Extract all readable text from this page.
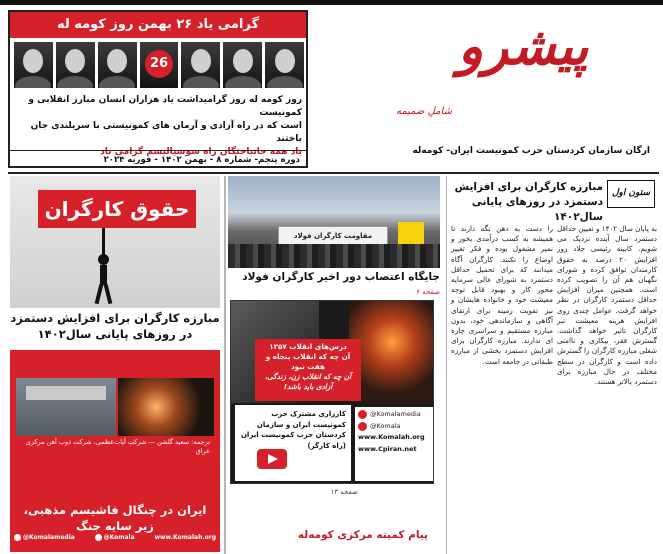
گرامی یاد ۲۶ بهمن روز کومه له
26
روز کومه له روز گرامیداشت یاد هزاران انسان مبارز انقلابی و کمونیست
است که در راه آزادی و آرمان های کمونیستی با سربلندی جان باختند
یاد همه جانباختگان راه سوسیالیسم گرامی باد
دوره پنجم- شماره ۸ - بهمن ۱۴۰۲ - فوریه ۲۰۲۴
پیشرو
شاملِ ضمیمه
ارگان سازمان کردستان حزب کمونیست ایران- کومه‌له
ستون اول
مبارزه کارگران برای افزایش دستمزد در روزهای پایانی سال۱۴۰۲
به پایان سال ۱۴۰۲ و تعیین حداقل دستمزد سال آینده نزدیک می شویم. کابینه رئیسی جلاد روز افزایش ۲۰ درصد به حقوق کارمندان توافق کرده و شورای نگهبان هم آن را تصویب کرده است. همچنین میزان افزایش حداقل دستمزد کارگران در نظر خواهد گرفت. عوامل چندی روی افزایش هزینه معیشت تبر کارگران تاثیر خواهد گذاشت. گسترش فقر، بیکاری و ناامنی شغلی مبارزه کارگران را گسترش داده است و کارگران در سطح مختلف در حال مبارزه برای دستمزد بالاتر هستند.
را دست به دهن نگه دارند تا همیشه به کسب درآمدی بخور و نمیر مشغول بوده و فکر تغییر اوضاع را نکنند. کارگران آگاه میدانند که برای تحمیل حداقل دستمزد به شورای عالی سرمایه محور کار و بهبود قابل توجه معیشت خود و خانواده هایشان و نیز تقویت زمینه برای ارتقای آگاهی و سازماندهی خود، بدون مبارزه مستقیم و سراسری چاره ای ندارند. مبارزه کارگران برای افزایش دستمزد بخشی از مبارزه طبقاتی در جامعه است.
مقاومت کارگران فولاد
جایگاه اعتصاب دور اخیر کارگران فولاد صفحه ۶
درس‌های انقلاب ۱۳۵۷
آن چه که انقلاب پنجاه و هفت نبود
آن چه که انقلاب زن، زندگی، آزادی باید باشد!
کارزاری مشترک حزب کمونیست ایران و سازمان کردستان حزب کمونیست ایران (راه کارگر)
@Komalamedia
@Komala
www.Komalah.org
www.Cpiran.net
صفحه ۱۳
پیام کمیته مرکزی کومه‌له
حقوق کارگران
مبارزه کارگران برای افزایش دستمزد در روزهای پایانی سال۱۴۰۲
ترجمه: سعید گلشن — شرکتِ آیات‌عظمی، شرکت ذوب آهن مرکزی عراق
ایران در چنگال فاشیسم مذهبی، زیر سایه جنگ
@Komalamedia	@Komala	www.Komalah.org
